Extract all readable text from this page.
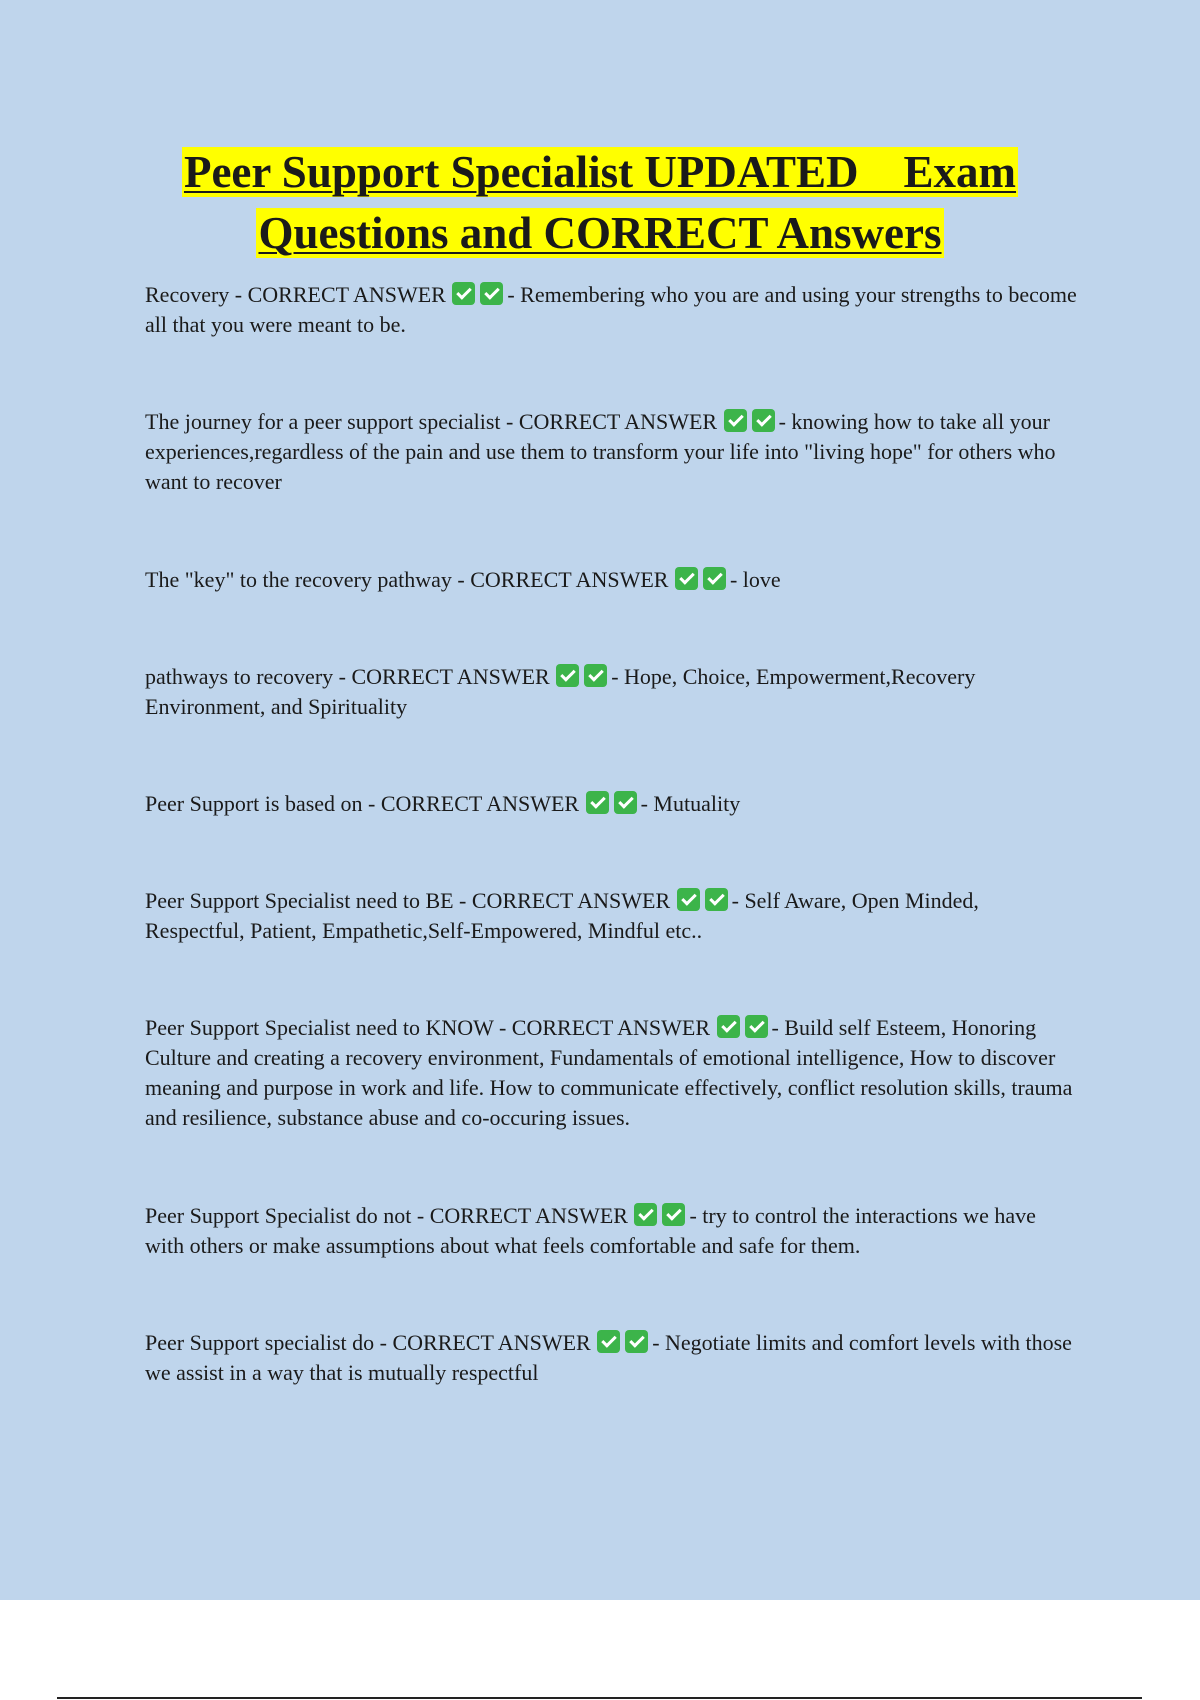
Peer Support Specialist UPDATED    Exam
Questions and CORRECT Answers
Recovery - CORRECT ANSWER	- Remembering who you are and using your strengths to become all that you were meant to be.
The journey for a peer support specialist - CORRECT ANSWER	- knowing how to take all your experiences,regardless of the pain and use them to transform your life into "living hope" for others who want to recover
The "key" to the recovery pathway - CORRECT ANSWER	- love
pathways to recovery - CORRECT ANSWER	- Hope, Choice, Empowerment,Recovery Environment, and Spirituality
Peer Support is based on - CORRECT ANSWER	- Mutuality
Peer Support Specialist need to BE - CORRECT ANSWER	- Self Aware, Open Minded, Respectful, Patient, Empathetic,Self-Empowered, Mindful etc..
Peer Support Specialist need to KNOW - CORRECT ANSWER	- Build self Esteem, Honoring Culture and creating a recovery environment, Fundamentals of emotional intelligence, How to discover meaning and purpose in work and life. How to communicate effectively, conflict resolution skills, trauma and resilience, substance abuse and co-occuring issues.
Peer Support Specialist do not - CORRECT ANSWER	- try to control the interactions we have with others or make assumptions about what feels comfortable and safe for them.
Peer Support specialist do - CORRECT ANSWER	- Negotiate limits and comfort levels with those we assist in a way that is mutually respectful
